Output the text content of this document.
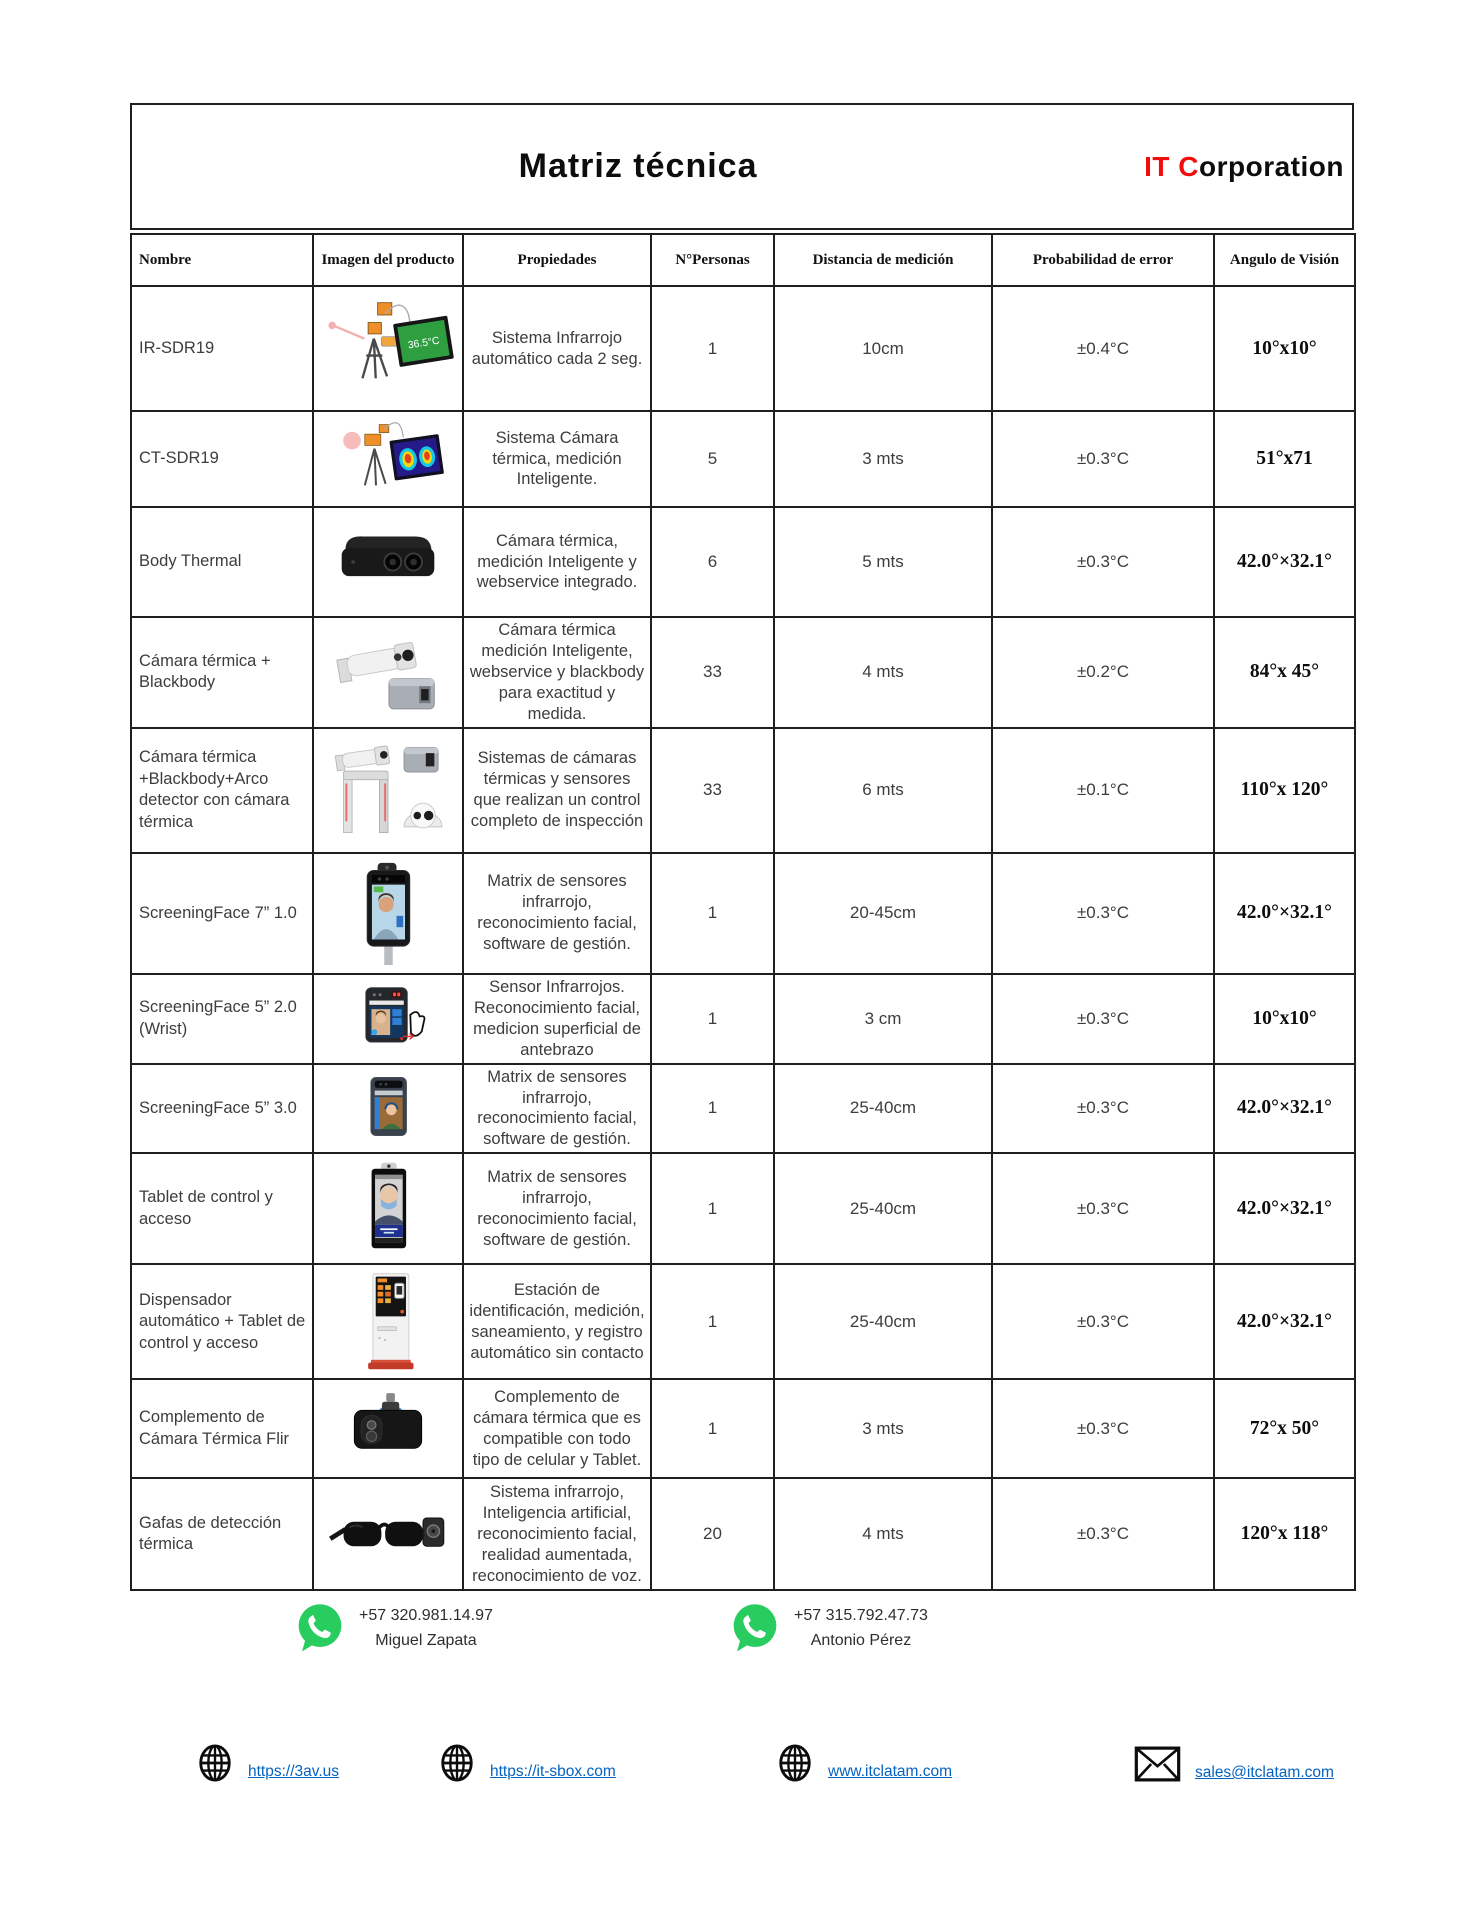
Matriz técnica	IT Corporation
Nombre	Imagen del producto	Propiedades	N°Personas	Distancia de medición	Probabilidad de error	Angulo de Visión
IR-SDR19	36.5°C	Sistema Infrarrojo automático cada 2 seg.	1	10cm	±0.4°C	10°x10°
CT-SDR19		Sistema Cámara térmica, medición Inteligente.	5	3 mts	±0.3°C	51°x71
Body Thermal		Cámara térmica, medición Inteligente y webservice integrado.	6	5 mts	±0.3°C	42.0°×32.1°
Cámara térmica + Blackbody		Cámara térmica medición Inteligente, webservice y blackbody para exactitud y medida.	33	4 mts	±0.2°C	84°x 45°
Cámara térmica +Blackbody+Arco detector con cámara térmica		Sistemas de cámaras térmicas y sensores que realizan un control completo de inspección	33	6 mts	±0.1°C	110°x 120°
ScreeningFace 7” 1.0		Matrix de sensores infrarrojo, reconocimiento facial, software de gestión.	1	20-45cm	±0.3°C	42.0°×32.1°
ScreeningFace 5” 2.0 (Wrist)		Sensor Infrarrojos. Reconocimiento facial, medicion superficial de antebrazo	1	3 cm	±0.3°C	10°x10°
ScreeningFace 5” 3.0		Matrix de sensores infrarrojo, reconocimiento facial, software de gestión.	1	25-40cm	±0.3°C	42.0°×32.1°
Tablet de control y acceso		Matrix de sensores infrarrojo, reconocimiento facial, software de gestión.	1	25-40cm	±0.3°C	42.0°×32.1°
Dispensador automático + Tablet de control y acceso		Estación de identificación, medición, saneamiento, y registro automático sin contacto	1	25-40cm	±0.3°C	42.0°×32.1°
Complemento de Cámara Térmica Flir		Complemento de cámara térmica que es compatible con todo tipo de celular y Tablet.	1	3 mts	±0.3°C	72°x 50°
Gafas de detección térmica		Sistema infrarrojo, Inteligencia artificial, reconocimiento facial, realidad aumentada, reconocimiento de voz.	20	4 mts	±0.3°C	120°x 118°
+57 320.981.14.97
Miguel Zapata
+57 315.792.47.73
Antonio Pérez
https://3av.us	https://it-sbox.com	www.itclatam.com	sales@itclatam.com
